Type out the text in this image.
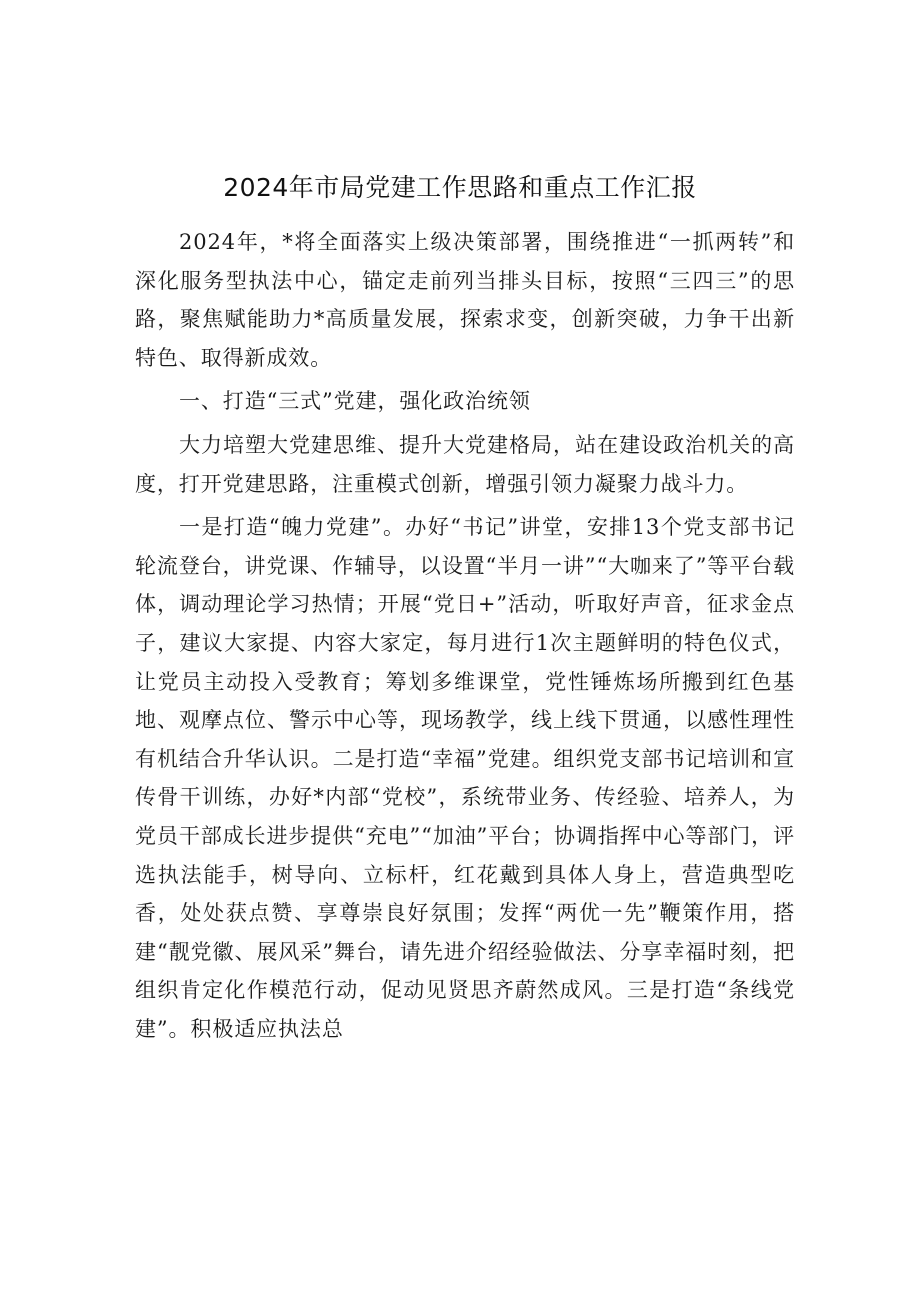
2024年市局党建工作思路和重点工作汇报

2024年，*将全面落实上级决策部署，围绕推进“一抓两转”和深化服务型执法中心，锚定走前列当排头目标，按照“三四三”的思路，聚焦赋能助力*高质量发展，探索求变，创新突破，力争干出新特色、取得新成效。

一、打造“三式”党建，强化政治统领

大力培塑大党建思维、提升大党建格局，站在建设政治机关的高度，打开党建思路，注重模式创新，增强引领力凝聚力战斗力。

一是打造“魄力党建”。办好“书记”讲堂，安排13个党支部书记轮流登台，讲党课、作辅导，以设置“半月一讲”“大咖来了”等平台载体，调动理论学习热情；开展“党日+”活动，听取好声音，征求金点子，建议大家提、内容大家定，每月进行1次主题鲜明的特色仪式，让党员主动投入受教育；筹划多维课堂，党性锤炼场所搬到红色基地、观摩点位、警示中心等，现场教学，线上线下贯通，以感性理性有机结合升华认识。二是打造“幸福”党建。组织党支部书记培训和宣传骨干训练，办好*内部“党校”，系统带业务、传经验、培养人，为党员干部成长进步提供“充电”“加油”平台；协调指挥中心等部门，评选执法能手，树导向、立标杆，红花戴到具体人身上，营造典型吃香，处处获点赞、享尊崇良好氛围；发挥“两优一先”鞭策作用，搭建“靓党徽、展风采”舞台，请先进介绍经验做法、分享幸福时刻，把组织肯定化作模范行动，促动见贤思齐蔚然成风。三是打造“条线党建”。积极适应执法总
